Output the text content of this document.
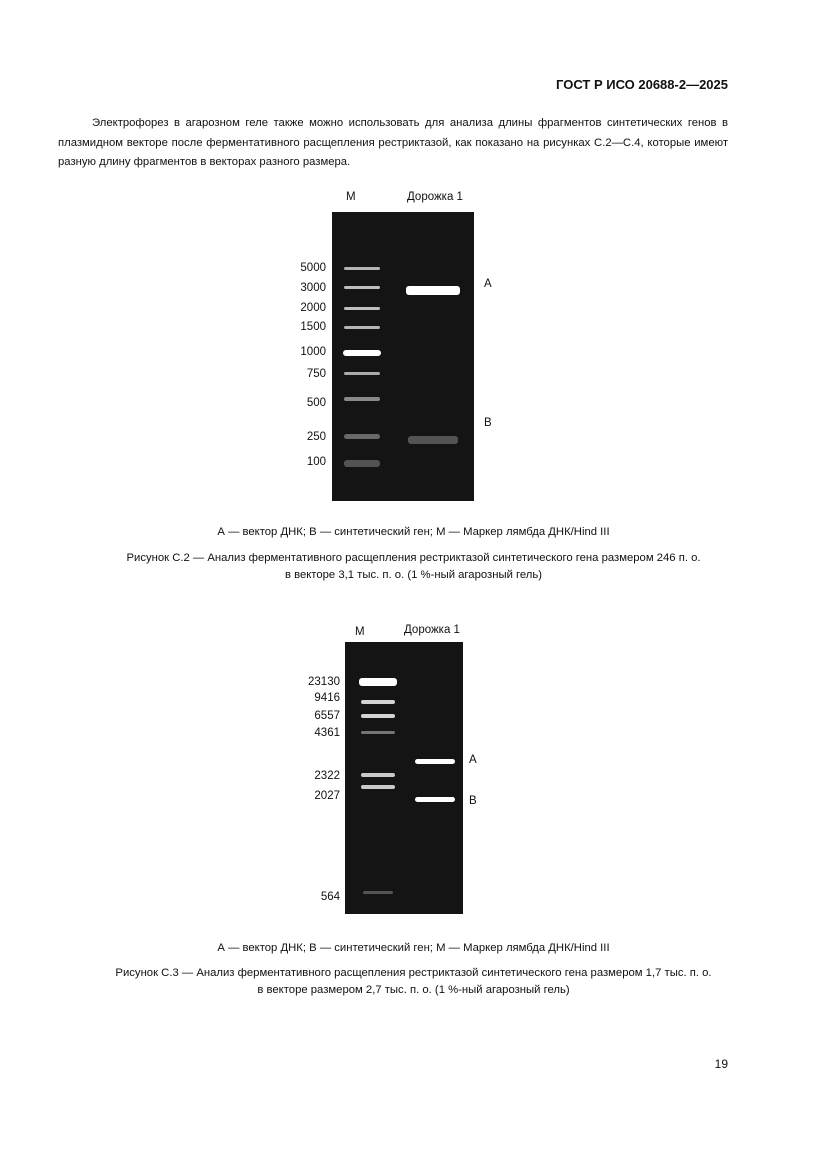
ГОСТ Р ИСО 20688-2—2025

Электрофорез в агарозном геле также можно использовать для анализа длины фрагментов синтетических генов в плазмидном векторе после ферментативного расщепления рестриктазой, как показано на рисунках С.2—С.4, которые имеют разную длину фрагментов в векторах разного размера.

M	Дорожка 1
5000
3000
2000
1500
1000
750
500
250
100
A
B
А — вектор ДНК; В — синтетический ген; М — Маркер лямбда ДНК/Hind III
Рисунок С.2 — Анализ ферментативного расщепления рестриктазой синтетического гена размером 246 п. о.
в векторе 3,1 тыс. п. о. (1 %-ный агарозный гель)
M	Дорожка 1
23130
9416
6557
4361
2322
2027
564
A
B
А — вектор ДНК; В — синтетический ген; М — Маркер лямбда ДНК/Hind III
Рисунок С.3 — Анализ ферментативного расщепления рестриктазой синтетического гена размером 1,7 тыс. п. о.
в векторе размером 2,7 тыс. п. о. (1 %-ный агарозный гель)
19
